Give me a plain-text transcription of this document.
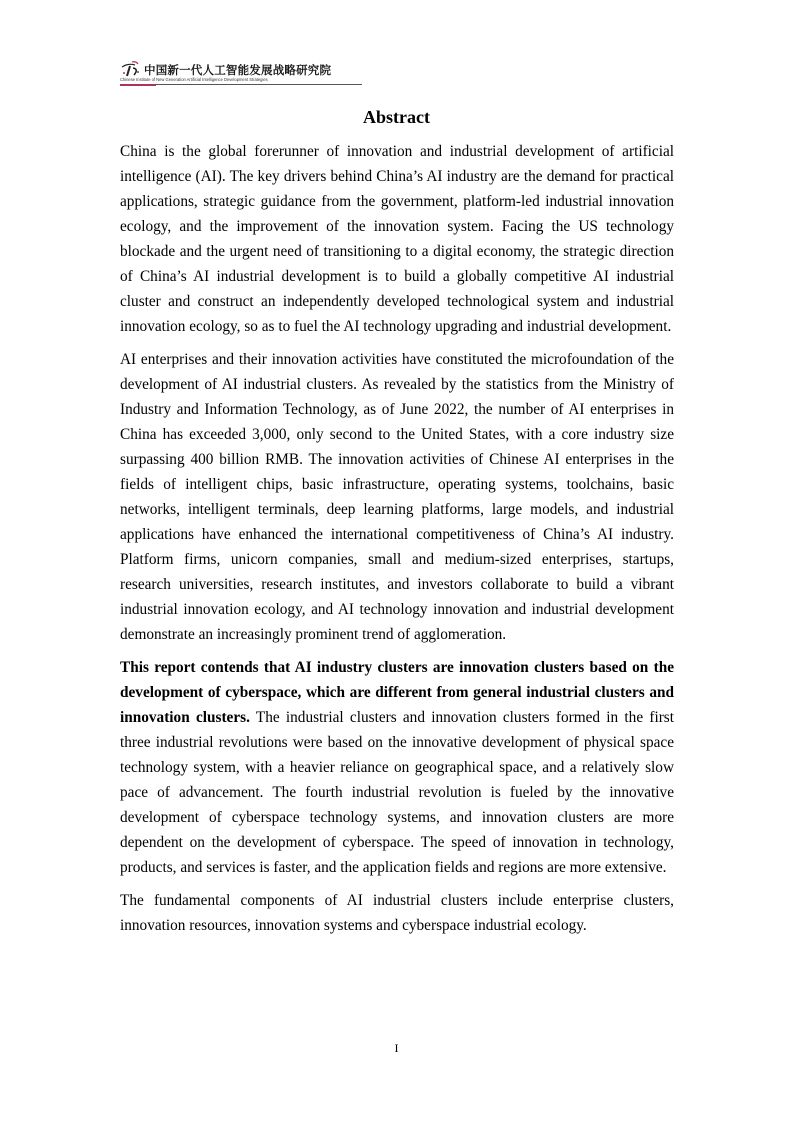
中国新一代人工智能发展战略研究院
Chinese Institute of New Generation Artificial Intelligence Development Strategies
Abstract

China is the global forerunner of innovation and industrial development of artificial intelligence (AI). The key drivers behind China’s AI industry are the demand for practical applications, strategic guidance from the government, platform-led industrial innovation ecology, and the improvement of the innovation system. Facing the US technology blockade and the urgent need of transitioning to a digital economy, the strategic direction of China’s AI industrial development is to build a globally competitive AI industrial cluster and construct an independently developed technological system and industrial innovation ecology, so as to fuel the AI technology upgrading and industrial development.

AI enterprises and their innovation activities have constituted the microfoundation of the development of AI industrial clusters. As revealed by the statistics from the Ministry of Industry and Information Technology, as of June 2022, the number of AI enterprises in China has exceeded 3,000, only second to the United States, with a core industry size surpassing 400 billion RMB. The innovation activities of Chinese AI enterprises in the fields of intelligent chips, basic infrastructure, operating systems, toolchains, basic networks, intelligent terminals, deep learning platforms, large models, and industrial applications have enhanced the international competitiveness of China’s AI industry. Platform firms, unicorn companies, small and medium-sized enterprises, startups, research universities, research institutes, and investors collaborate to build a vibrant industrial innovation ecology, and AI technology innovation and industrial development demonstrate an increasingly prominent trend of agglomeration.

This report contends that AI industry clusters are innovation clusters based on the development of cyberspace, which are different from general industrial clusters and innovation clusters. The industrial clusters and innovation clusters formed in the first three industrial revolutions were based on the innovative development of physical space technology system, with a heavier reliance on geographical space, and a relatively slow pace of advancement. The fourth industrial revolution is fueled by the innovative development of cyberspace technology systems, and innovation clusters are more dependent on the development of cyberspace. The speed of innovation in technology, products, and services is faster, and the application fields and regions are more extensive.

The fundamental components of AI industrial clusters include enterprise clusters, innovation resources, innovation systems and cyberspace industrial ecology.

I
